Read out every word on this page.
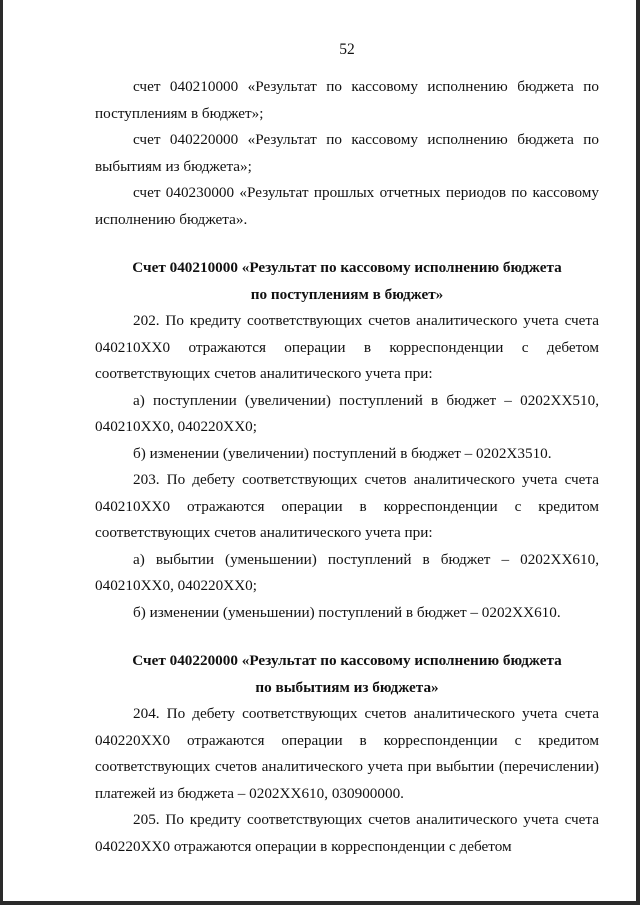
52

счет 040210000 «Результат по кассовому исполнению бюджета по поступлениям в бюджет»;

счет 040220000 «Результат по кассовому исполнению бюджета по выбытиям из бюджета»;

счет 040230000 «Результат прошлых отчетных периодов по кассовому исполнению бюджета».

Счет 040210000 «Результат по кассовому исполнению бюджета
по поступлениям в бюджет»

202. По кредиту соответствующих счетов аналитического учета счета 040210ХХ0 отражаются операции в корреспонденции с дебетом соответствующих счетов аналитического учета при:

а) поступлении (увеличении) поступлений в бюджет – 0202ХХ510, 040210ХХ0, 040220ХХ0;

б) изменении (увеличении) поступлений в бюджет – 0202Х3510.

203. По дебету соответствующих счетов аналитического учета счета 040210ХХ0 отражаются операции в корреспонденции с кредитом соответствующих счетов аналитического учета при:

а) выбытии (уменьшении) поступлений в бюджет – 0202ХХ610, 040210ХХ0, 040220ХХ0;

б) изменении (уменьшении) поступлений в бюджет – 0202ХХ610.

Счет 040220000 «Результат по кассовому исполнению бюджета
по выбытиям из бюджета»

204. По дебету соответствующих счетов аналитического учета счета 040220ХХ0 отражаются операции в корреспонденции с кредитом соответствующих счетов аналитического учета при выбытии (перечислении) платежей из бюджета – 0202ХХ610, 030900000.

205. По кредиту соответствующих счетов аналитического учета счета 040220ХХ0 отражаются операции в корреспонденции с дебетом
